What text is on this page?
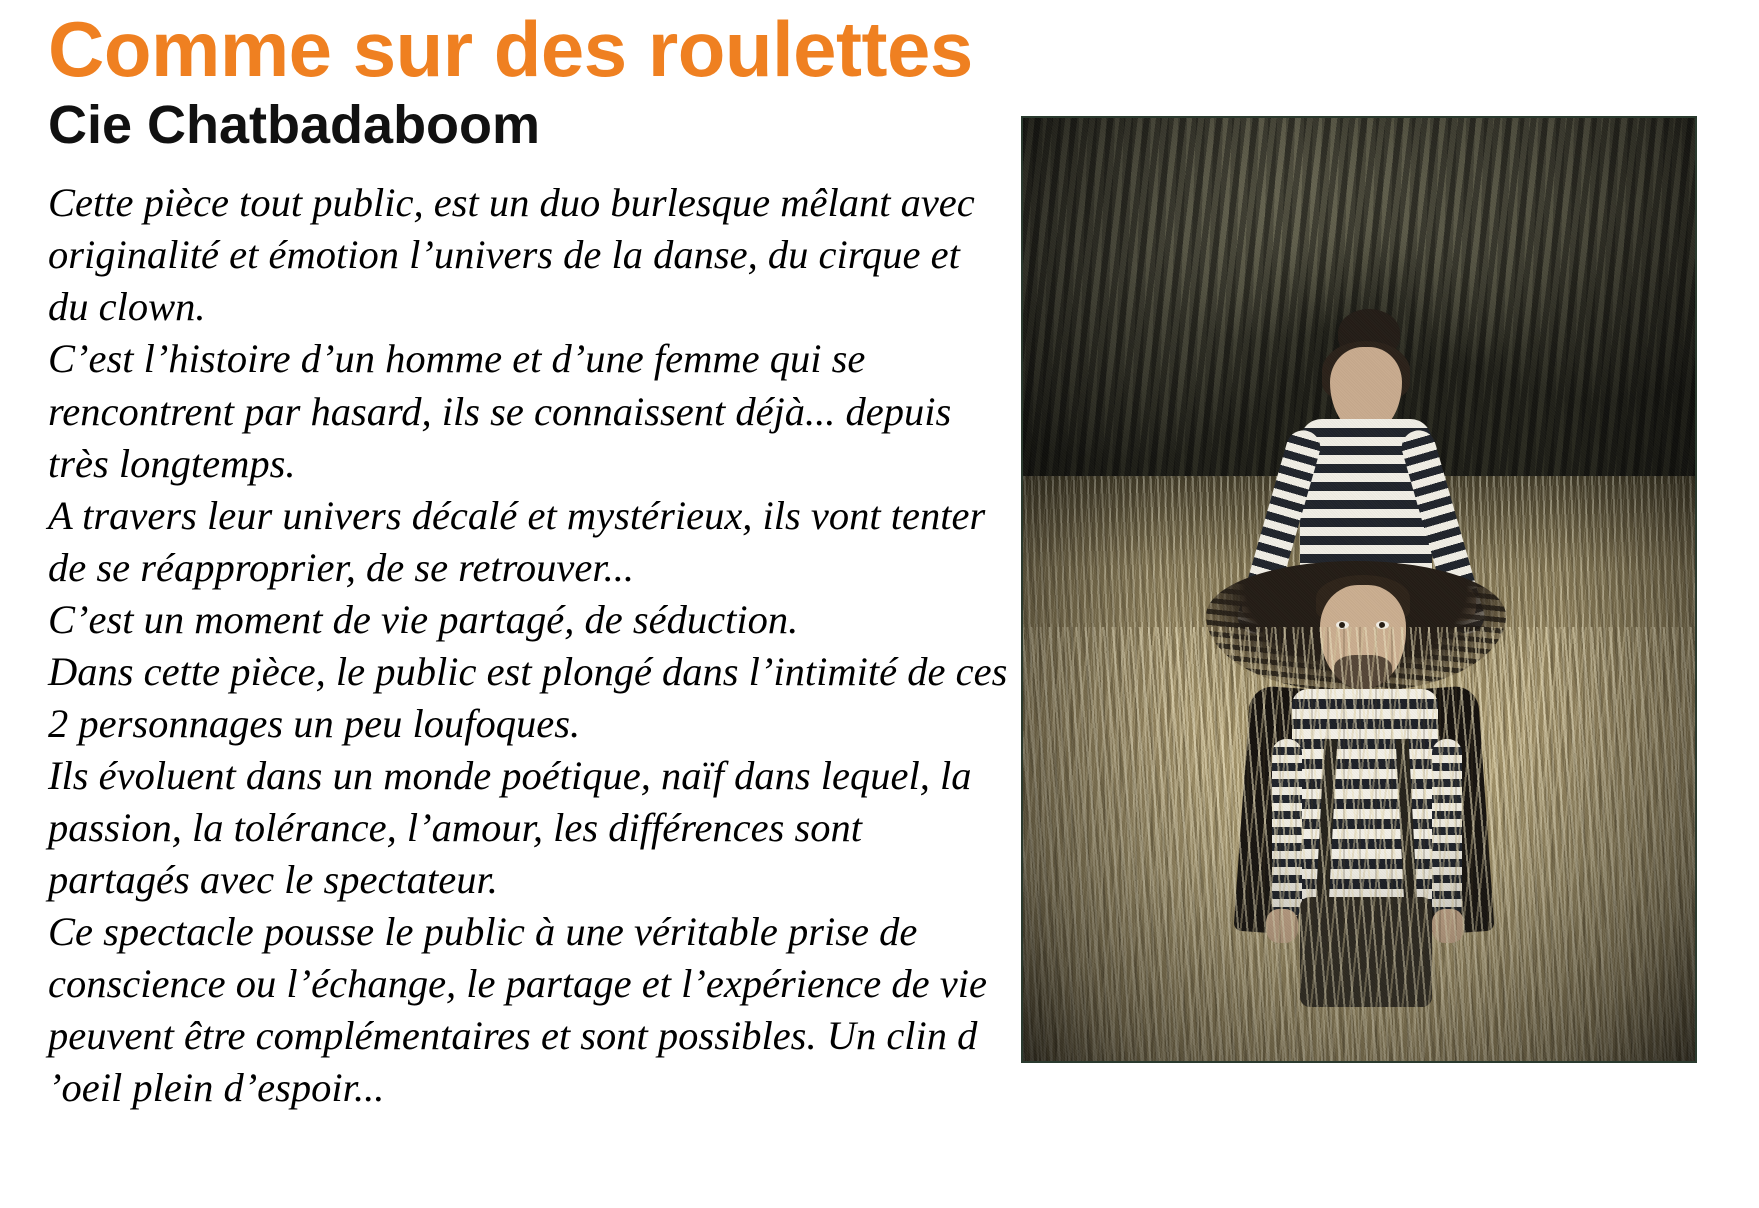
Comme sur des roulettes
Cie Chatbadaboom

Cette pièce tout public, est un duo burlesque mêlant avec originalité et émotion l’univers de la danse, du cirque et du clown.

C’est l’histoire d’un homme et d’une femme qui se rencontrent par hasard, ils se connaissent déjà... depuis très longtemps.

A travers leur univers décalé et mystérieux, ils vont tenter de se réapproprier, de se retrouver...

C’est un moment de vie partagé, de séduction.

Dans cette pièce, le public est plongé dans l’intimité de ces 2 personnages un peu loufoques.

Ils évoluent dans un monde poétique, naïf dans lequel, la passion, la tolérance, l’amour, les différences sont partagés avec le spectateur.

Ce spectacle pousse le public à une véritable prise de conscience ou l’échange, le partage et l’expérience de vie peuvent être complémentaires et sont possibles. Un clin d ’oeil plein d’espoir...
